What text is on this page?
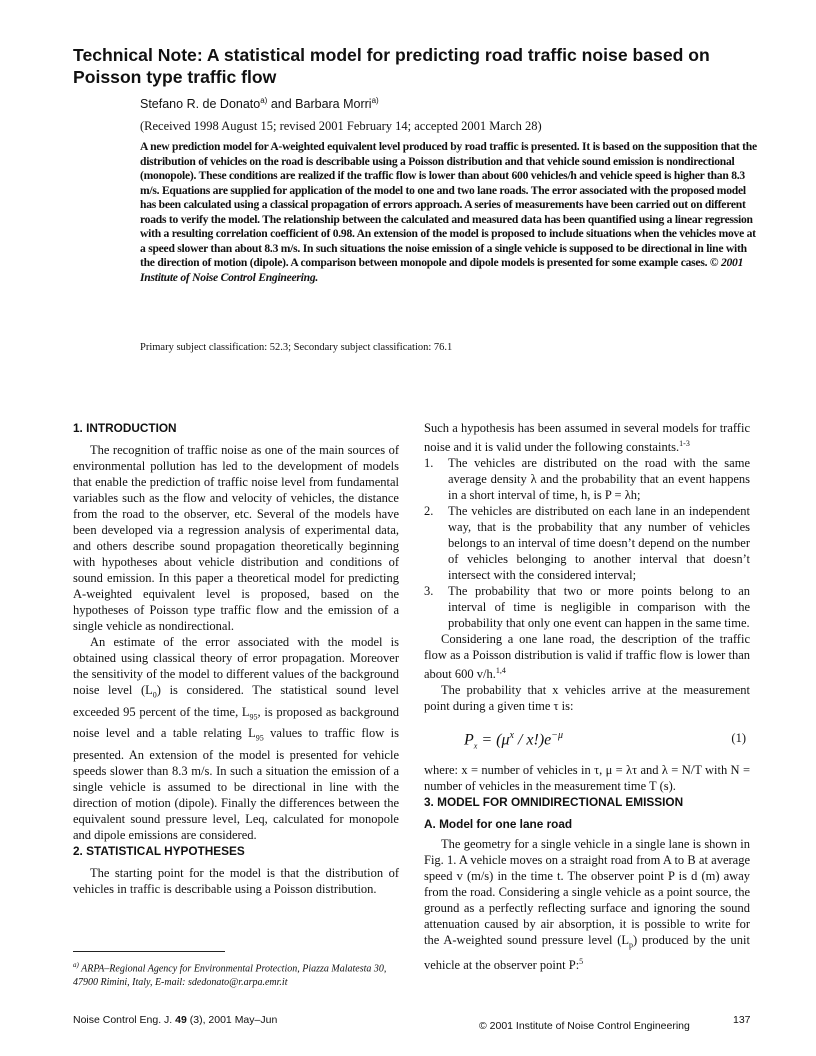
Technical Note: A statistical model for predicting road traffic noise based on Poisson type traffic flow

Stefano R. de Donato$^{a)}$ and Barbara Morri$^{a)}$

(Received 1998 August 15; revised 2001 February 14; accepted 2001 March 28)

A new prediction model for A-weighted equivalent level produced by road traffic is presented. It is based on the supposition that the distribution of vehicles on the road is describable using a Poisson distribution and that vehicle sound emission is nondirectional (monopole). These conditions are realized if the traffic flow is lower than about 600 vehicles/h and vehicle speed is higher than 8.3 m/s. Equations are supplied for application of the model to one and two lane roads. The error associated with the proposed model has been calculated using a classical propagation of errors approach. A series of measurements have been carried out on different roads to verify the model. The relationship between the calculated and measured data has been quantified using a linear regression with a resulting correlation coefficient of 0.98. An extension of the model is proposed to include situations when the vehicles move at a speed slower than about 8.3 m/s. In such situations the noise emission of a single vehicle is supposed to be directional in line with the direction of motion (dipole). A comparison between monopole and dipole models is presented for some example cases. © 2001 Institute of Noise Control Engineering.

Primary subject classification: 52.3; Secondary subject classification: 76.1

1. INTRODUCTION

The recognition of traffic noise as one of the main sources of environmental pollution has led to the development of models that enable the prediction of traffic noise level from fundamental variables such as the flow and velocity of vehicles, the distance from the road to the observer, etc. Several of the models have been developed via a regression analysis of experimental data, and others describe sound propagation theoretically beginning with hypotheses about vehicle distribution and conditions of sound emission. In this paper a theoretical model for predicting A-weighted equivalent level is proposed, based on the hypotheses of Poisson type traffic flow and the emission of a single vehicle as nondirectional.

An estimate of the error associated with the model is obtained using classical theory of error propagation. Moreover the sensitivity of the model to different values of the background noise level $(L_0)$ is considered. The statistical sound level exceeded 95 percent of the time, $L_{95}$, is proposed as background noise level and a table relating $L_{95}$ values to traffic flow is presented. An extension of the model is presented for vehicle speeds slower than 8.3 m/s. In such a situation the emission of a single vehicle is assumed to be directional in line with the direction of motion (dipole). Finally the differences between the equivalent sound pressure level, Leq, calculated for monopole and dipole emissions are considered.

2. STATISTICAL HYPOTHESES

The starting point for the model is that the distribution of vehicles in traffic is describable using a Poisson distribution.

Such a hypothesis has been assumed in several models for traffic noise and it is valid under the following constaints.$^{1-3}$

1. The vehicles are distributed on the road with the same average density λ and the probability that an event happens in a short interval of time, h, is P = λh;
2. The vehicles are distributed on each lane in an independent way, that is the probability that any number of vehicles belongs to an interval of time doesn’t depend on the number of vehicles belonging to another interval that doesn’t intersect with the considered interval;
3. The probability that two or more points belong to an interval of time is negligible in comparison with the probability that only one event can happen in the same time.

Considering a one lane road, the description of the traffic flow as a Poisson distribution is valid if traffic flow is lower than about 600 v/h.$^{1,4}$

The probability that x vehicles arrive at the measurement point during a given time τ is:

$P_x = (\mu^x / x!)e^{-\mu}$	(1)

where: x = number of vehicles in τ, μ = λτ and λ = N/T with N = number of vehicles in the measurement time T (s).

3. MODEL FOR OMNIDIRECTIONAL EMISSION
A. Model for one lane road

The geometry for a single vehicle in a single lane is shown in Fig. 1. A vehicle moves on a straight road from A to B at average speed v (m/s) in the time t. The observer point P is d (m) away from the road. Considering a single vehicle as a point source, the ground as a perfectly reflecting surface and ignoring the sound attenuation caused by air absorption, it is possible to write for the A-weighted sound pressure level $(L_p)$ produced by the unit vehicle at the observer point P:$^5$

$^{a)}$ ARPA–Regional Agency for Environmental Protection, Piazza Malatesta 30, 47900 Rimini, Italy, E-mail: sdedonato@r.arpa.emr.it

Noise Control Eng. J. 49 (3), 2001 May–Jun	© 2001 Institute of Noise Control Engineering	137
